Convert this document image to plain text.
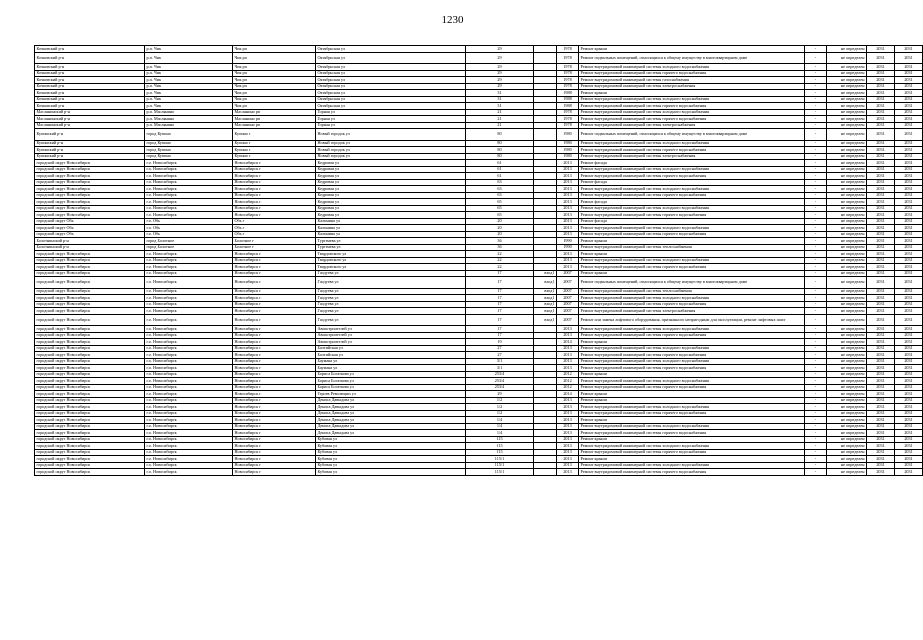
1230
Кочковский р-н	р.п. Чик	Чик рп	Октябрьская ул	29		1978	Ремонт крыши	-	не определен	2031	2031
Кочковский р-н	р.п. Чик	Чик рп	Октябрьская ул	29		1978	Ремонт подвальных помещений, относящихся к общему имуществу в многоквартирном доме	-	не определен	2031	2031
Кочковский р-н	р.п. Чик	Чик рп	Октябрьская ул	29		1978	Ремонт внутридомовой инженерной системы холодного водоснабжения	-	не определен	2031	2031
Кочковский р-н	р.п. Чик	Чик рп	Октябрьская ул	29		1978	Ремонт внутридомовой инженерной системы горячего водоснабжения	-	не определен	2031	2031
Кочковский р-н	р.п. Чик	Чик рп	Октябрьская ул	29		1978	Ремонт внутридомовой инженерной системы газоснабжения	-	не определен	2031	2031
Кочковский р-н	р.п. Чик	Чик рп	Октябрьская ул	29		1978	Ремонт внутридомовой инженерной системы электроснабжения	-	не определен	2031	2031
Кочковский р-н	р.п. Чик	Чик рп	Октябрьская ул	31		1988	Ремонт крыши	-	не определен	2031	2031
Кочковский р-н	р.п. Чик	Чик рп	Октябрьская ул	31		1988	Ремонт внутридомовой инженерной системы холодного водоснабжения	-	не определен	2031	2031
Кочковский р-н	р.п. Чик	Чик рп	Октябрьская ул	31		1988	Ремонт внутридомовой инженерной системы горячего водоснабжения	-	не определен	2031	2031
Маслянинский р-н	р.п. Маслянино	Маслянино рп	Горная ул	21		1978	Ремонт внутридомовой инженерной системы холодного водоснабжения	-	не определен	2031	2031
Маслянинский р-н	р.п. Маслянино	Маслянино рп	Горная ул	21		1978	Ремонт внутридомовой инженерной системы горячего водоснабжения	-	не определен	2031	2031
Маслянинский р-н	р.п. Маслянино	Маслянино рп	Горная ул	21		1978	Ремонт внутридомовой инженерной системы электроснабжения	-	не определен	2031	2031
Купинский р-н	город Купино	Купино г	Новый городок ул	80		1980	Ремонт подвальных помещений, относящихся к общему имуществу в многоквартирном доме	-	не определен	2031	2031
Купинский р-н	город Купино	Купино г	Новый городок ул	80		1980	Ремонт внутридомовой инженерной системы холодного водоснабжения	-	не определен	2031	2031
Купинский р-н	город Купино	Купино г	Новый городок ул	80		1980	Ремонт внутридомовой инженерной системы горячего водоснабжения	-	не определен	2031	2031
Купинский р-н	город Купино	Купино г	Новый городок ул	80		1980	Ремонт внутридомовой инженерной системы электроснабжения	-	не определен	2031	2031
городской округ Новосибирск	г.о. Новосибирск	Новосибирск г	Кедровая ул	61		2013	Ремонт фасада	-	не определен	2031	2031
городской округ Новосибирск	г.о. Новосибирск	Новосибирск г	Кедровая ул	61		2013	Ремонт внутридомовой инженерной системы холодного водоснабжения	-	не определен	2031	2031
городской округ Новосибирск	г.о. Новосибирск	Новосибирск г	Кедровая ул	61		2013	Ремонт внутридомовой инженерной системы горячего водоснабжения	-	не определен	2031	2031
городской округ Новосибирск	г.о. Новосибирск	Новосибирск г	Кедровая ул	63		2013	Ремонт фасада	-	не определен	2031	2031
городской округ Новосибирск	г.о. Новосибирск	Новосибирск г	Кедровая ул	63		2013	Ремонт внутридомовой инженерной системы холодного водоснабжения	-	не определен	2031	2031
городской округ Новосибирск	г.о. Новосибирск	Новосибирск г	Кедровая ул	63		2013	Ремонт внутридомовой инженерной системы горячего водоснабжения	-	не определен	2031	2031
городской округ Новосибирск	г.о. Новосибирск	Новосибирск г	Кедровая ул	65		2013	Ремонт фасада	-	не определен	2031	2031
городской округ Новосибирск	г.о. Новосибирск	Новосибирск г	Кедровая ул	65		2013	Ремонт внутридомовой инженерной системы холодного водоснабжения	-	не определен	2031	2031
городской округ Новосибирск	г.о. Новосибирск	Новосибирск г	Кедровая ул	65		2013	Ремонт внутридомовой инженерной системы горячего водоснабжения	-	не определен	2031	2031
городской округ Обь	г.о. Обь	Обь г	Калинина ул	20		2013	Ремонт фасада	-	не определен	2031	2031
городской округ Обь	г.о. Обь	Обь г	Калинина ул	20		2013	Ремонт внутридомовой инженерной системы холодного водоснабжения	-	не определен	2031	2031
городской округ Обь	г.о. Обь	Обь г	Калинина ул	20		2013	Ремонт внутридомовой инженерной системы горячего водоснабжения	-	не определен	2031	2031
Болотнинский р-н	город Болотное	Болотное г	Тургенева ул	36		1990	Ремонт крыши	-	не определен	2031	2031
Болотнинский р-н	город Болотное	Болотное г	Тургенева ул	36		1990	Ремонт внутридомовой инженерной системы теплоснабжения	-	не определен	2031	2031
городской округ Новосибирск	г.о. Новосибирск	Новосибирск г	Твардовского ул	22		2013	Ремонт крыши	-	не определен	2031	2031
городской округ Новосибирск	г.о. Новосибирск	Новосибирск г	Твардовского ул	22		2013	Ремонт внутридомовой инженерной системы холодного водоснабжения	-	не определен	2031	2031
городской округ Новосибирск	г.о. Новосибирск	Новосибирск г	Твардовского ул	22		2013	Ремонт внутридомовой инженерной системы горячего водоснабжения	-	не определен	2031	2031
городской округ Новосибирск	г.о. Новосибирск	Новосибирск г	Гаодуева ул	17	вход1	2007	Ремонт крыши	-	не определен	2031	2031
городской округ Новосибирск	г.о. Новосибирск	Новосибирск г	Гаодуева ул	17	вход1	2007	Ремонт подвальных помещений, относящихся к общему имуществу в многоквартирном доме	-	не определен	2031	2031
городской округ Новосибирск	г.о. Новосибирск	Новосибирск г	Гаодуева ул	17	вход1	2007	Ремонт внутридомовой инженерной системы теплоснабжения	-	не определен	2031	2031
городской округ Новосибирск	г.о. Новосибирск	Новосибирск г	Гаодуева ул	17	вход1	2007	Ремонт внутридомовой инженерной системы холодного водоснабжения	-	не определен	2031	2031
городской округ Новосибирск	г.о. Новосибирск	Новосибирск г	Гаодуева ул	17	вход1	2007	Ремонт внутридомовой инженерной системы горячего водоснабжения	-	не определен	2031	2031
городской округ Новосибирск	г.о. Новосибирск	Новосибирск г	Гаодуева ул	17	вход1	2007	Ремонт внутридомовой инженерной системы электроснабжения	-	не определен	2031	2031
городской округ Новосибирск	г.о. Новосибирск	Новосибирск г	Гаодуева ул	17	вход1	2007	Ремонт или замена лифтового оборудования, признанного непригодным для эксплуатации, ремонт лифтовых шахт	-	не определен	2031	2031
городской округ Новосибирск	г.о. Новосибирск	Новосибирск г	Авиастроителей ул	17		2013	Ремонт внутридомовой инженерной системы холодного водоснабжения	-	не определен	2031	2031
городской округ Новосибирск	г.о. Новосибирск	Новосибирск г	Авиастроителей ул	17		2013	Ремонт внутридомовой инженерной системы горячего водоснабжения	-	не определен	2031	2031
городской округ Новосибирск	г.о. Новосибирск	Новосибирск г	Авиастроителей ул	19		2014	Ремонт крыши	-	не определен	2031	2031
городской округ Новосибирск	г.о. Новосибирск	Новосибирск г	Балтийская ул	27		2013	Ремонт внутридомовой инженерной системы холодного водоснабжения	-	не определен	2031	2031
городской округ Новосибирск	г.о. Новосибирск	Новосибирск г	Балтийская ул	27		2013	Ремонт внутридомовой инженерной системы горячего водоснабжения	-	не определен	2031	2031
городской округ Новосибирск	г.о. Новосибирск	Новосибирск г	Баумана ул	3/1		2013	Ремонт внутридомовой инженерной системы холодного водоснабжения	-	не определен	2031	2031
городской округ Новосибирск	г.о. Новосибирск	Новосибирск г	Баумана ул	3/1		2013	Ремонт внутридомовой инженерной системы горячего водоснабжения	-	не определен	2031	2031
городской округ Новосибирск	г.о. Новосибирск	Новосибирск г	Бориса Богаткова ул	253/4		2012	Ремонт крыши	-	не определен	2031	2031
городской округ Новосибирск	г.о. Новосибирск	Новосибирск г	Бориса Богаткова ул	253/4		2012	Ремонт внутридомовой инженерной системы холодного водоснабжения	-	не определен	2031	2031
городской округ Новосибирск	г.о. Новосибирск	Новосибирск г	Бориса Богаткова ул	253/4		2012	Ремонт внутридомовой инженерной системы горячего водоснабжения	-	не определен	2031	2031
городской округ Новосибирск	г.о. Новосибирск	Новосибирск г	Героев Революции ул	29		2014	Ремонт крыши	-	не определен	2031	2031
городской округ Новосибирск	г.о. Новосибирск	Новосибирск г	Дениса Давыдова ул	1/2		2013	Ремонт крыши	-	не определен	2031	2031
городской округ Новосибирск	г.о. Новосибирск	Новосибирск г	Дениса Давыдова ул	1/2		2013	Ремонт внутридомовой инженерной системы холодного водоснабжения	-	не определен	2031	2031
городской округ Новосибирск	г.о. Новосибирск	Новосибирск г	Дениса Давыдова ул	1/2		2013	Ремонт внутридомовой инженерной системы горячего водоснабжения	-	не определен	2031	2031
городской округ Новосибирск	г.о. Новосибирск	Новосибирск г	Дениса Давыдова ул	1/4		2013	Ремонт крыши	-	не определен	2031	2031
городской округ Новосибирск	г.о. Новосибирск	Новосибирск г	Дениса Давыдова ул	1/4		2013	Ремонт внутридомовой инженерной системы холодного водоснабжения	-	не определен	2031	2031
городской округ Новосибирск	г.о. Новосибирск	Новосибирск г	Дениса Давыдова ул	1/4		2013	Ремонт внутридомовой инженерной системы горячего водоснабжения	-	не определен	2031	2031
городской округ Новосибирск	г.о. Новосибирск	Новосибирск г	Кубовая ул	115		2013	Ремонт крыши	-	не определен	2031	2031
городской округ Новосибирск	г.о. Новосибирск	Новосибирск г	Кубовая ул	115		2013	Ремонт внутридомовой инженерной системы холодного водоснабжения	-	не определен	2031	2031
городской округ Новосибирск	г.о. Новосибирск	Новосибирск г	Кубовая ул	115		2013	Ремонт внутридомовой инженерной системы горячего водоснабжения	-	не определен	2031	2031
городской округ Новосибирск	г.о. Новосибирск	Новосибирск г	Кубовая ул	115/1		2013	Ремонт крыши	-	не определен	2031	2031
городской округ Новосибирск	г.о. Новосибирск	Новосибирск г	Кубовая ул	115/1		2013	Ремонт внутридомовой инженерной системы холодного водоснабжения	-	не определен	2031	2031
городской округ Новосибирск	г.о. Новосибирск	Новосибирск г	Кубовая ул	115/1		2013	Ремонт внутридомовой инженерной системы горячего водоснабжения	-	не определен	2031	2031
